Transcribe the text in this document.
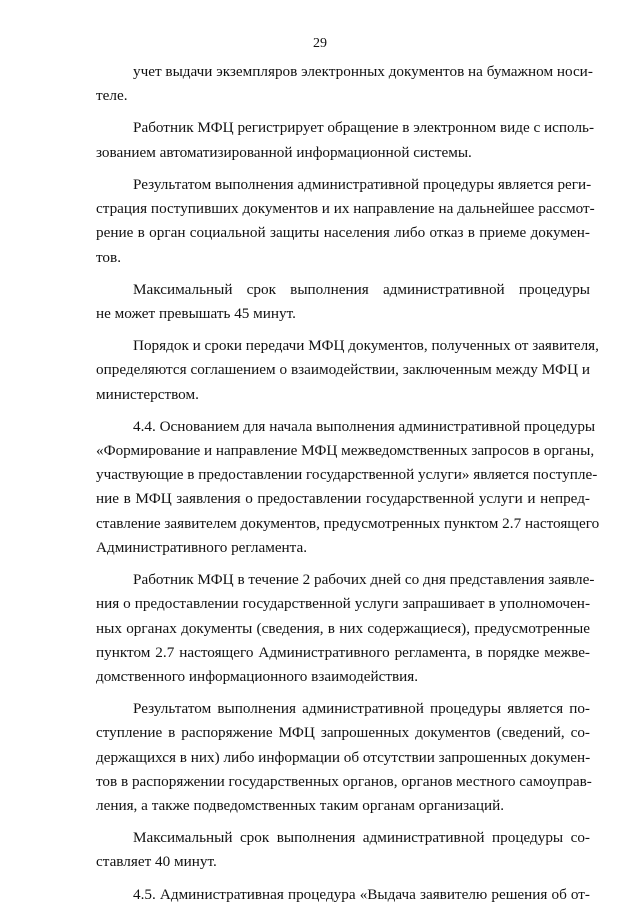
29
учет выдачи экземпляров электронных документов на бумажном носи-
теле.
Работник МФЦ регистрирует обращение в электронном виде с исполь-
зованием автоматизированной информационной системы.
Результатом выполнения административной процедуры является реги-
страция поступивших документов и их направление на дальнейшее рассмот-
рение в орган социальной защиты населения либо отказ в приеме докумен-
тов.
Максимальный срок выполнения административной процедуры
не может превышать 45 минут.
Порядок и сроки передачи МФЦ документов, полученных от заявителя,
определяются соглашением о взаимодействии, заключенным между МФЦ и
министерством.
4.4. Основанием для начала выполнения административной процедуры
«Формирование и направление МФЦ межведомственных запросов в органы,
участвующие в предоставлении государственной услуги» является поступле-
ние в МФЦ заявления о предоставлении государственной услуги и непред-
ставление заявителем документов, предусмотренных пунктом 2.7 настоящего
Административного регламента.
Работник МФЦ в течение 2 рабочих дней со дня представления заявле-
ния о предоставлении государственной услуги запрашивает в уполномочен-
ных органах документы (сведения, в них содержащиеся), предусмотренные
пунктом 2.7 настоящего Административного регламента, в порядке межве-
домственного информационного взаимодействия.
Результатом выполнения административной процедуры является по-
ступление в распоряжение МФЦ запрошенных документов (сведений, со-
держащихся в них) либо информации об отсутствии запрошенных докумен-
тов в распоряжении государственных органов, органов местного самоуправ-
ления, а также подведомственных таким органам организаций.
Максимальный срок выполнения административной процедуры со-
ставляет 40 минут.
4.5. Административная процедура «Выдача заявителю решения об от-
